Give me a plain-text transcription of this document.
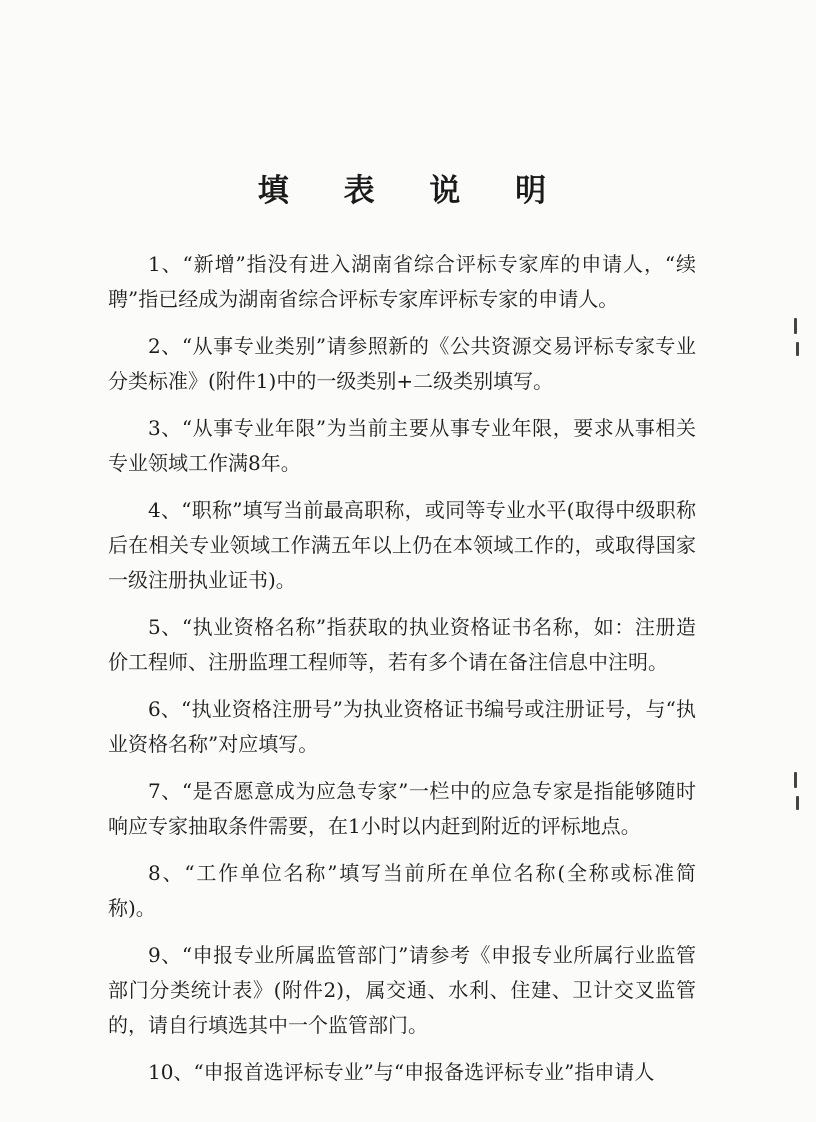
填 表 说 明

1、“新增”指没有进入湖南省综合评标专家库的申请人，“续聘”指已经成为湖南省综合评标专家库评标专家的申请人。

2、“从事专业类别”请参照新的《公共资源交易评标专家专业分类标准》(附件1)中的一级类别+二级类别填写。

3、“从事专业年限”为当前主要从事专业年限，要求从事相关专业领域工作满8年。

4、“职称”填写当前最高职称，或同等专业水平(取得中级职称后在相关专业领域工作满五年以上仍在本领域工作的，或取得国家一级注册执业证书)。

5、“执业资格名称”指获取的执业资格证书名称，如：注册造价工程师、注册监理工程师等，若有多个请在备注信息中注明。

6、“执业资格注册号”为执业资格证书编号或注册证号，与“执业资格名称”对应填写。

7、“是否愿意成为应急专家”一栏中的应急专家是指能够随时响应专家抽取条件需要，在1小时以内赶到附近的评标地点。

8、“工作单位名称”填写当前所在单位名称(全称或标准简称)。

9、“申报专业所属监管部门”请参考《申报专业所属行业监管部门分类统计表》(附件2)，属交通、水利、住建、卫计交叉监管的，请自行填选其中一个监管部门。

10、“申报首选评标专业”与“申报备选评标专业”指申请人
